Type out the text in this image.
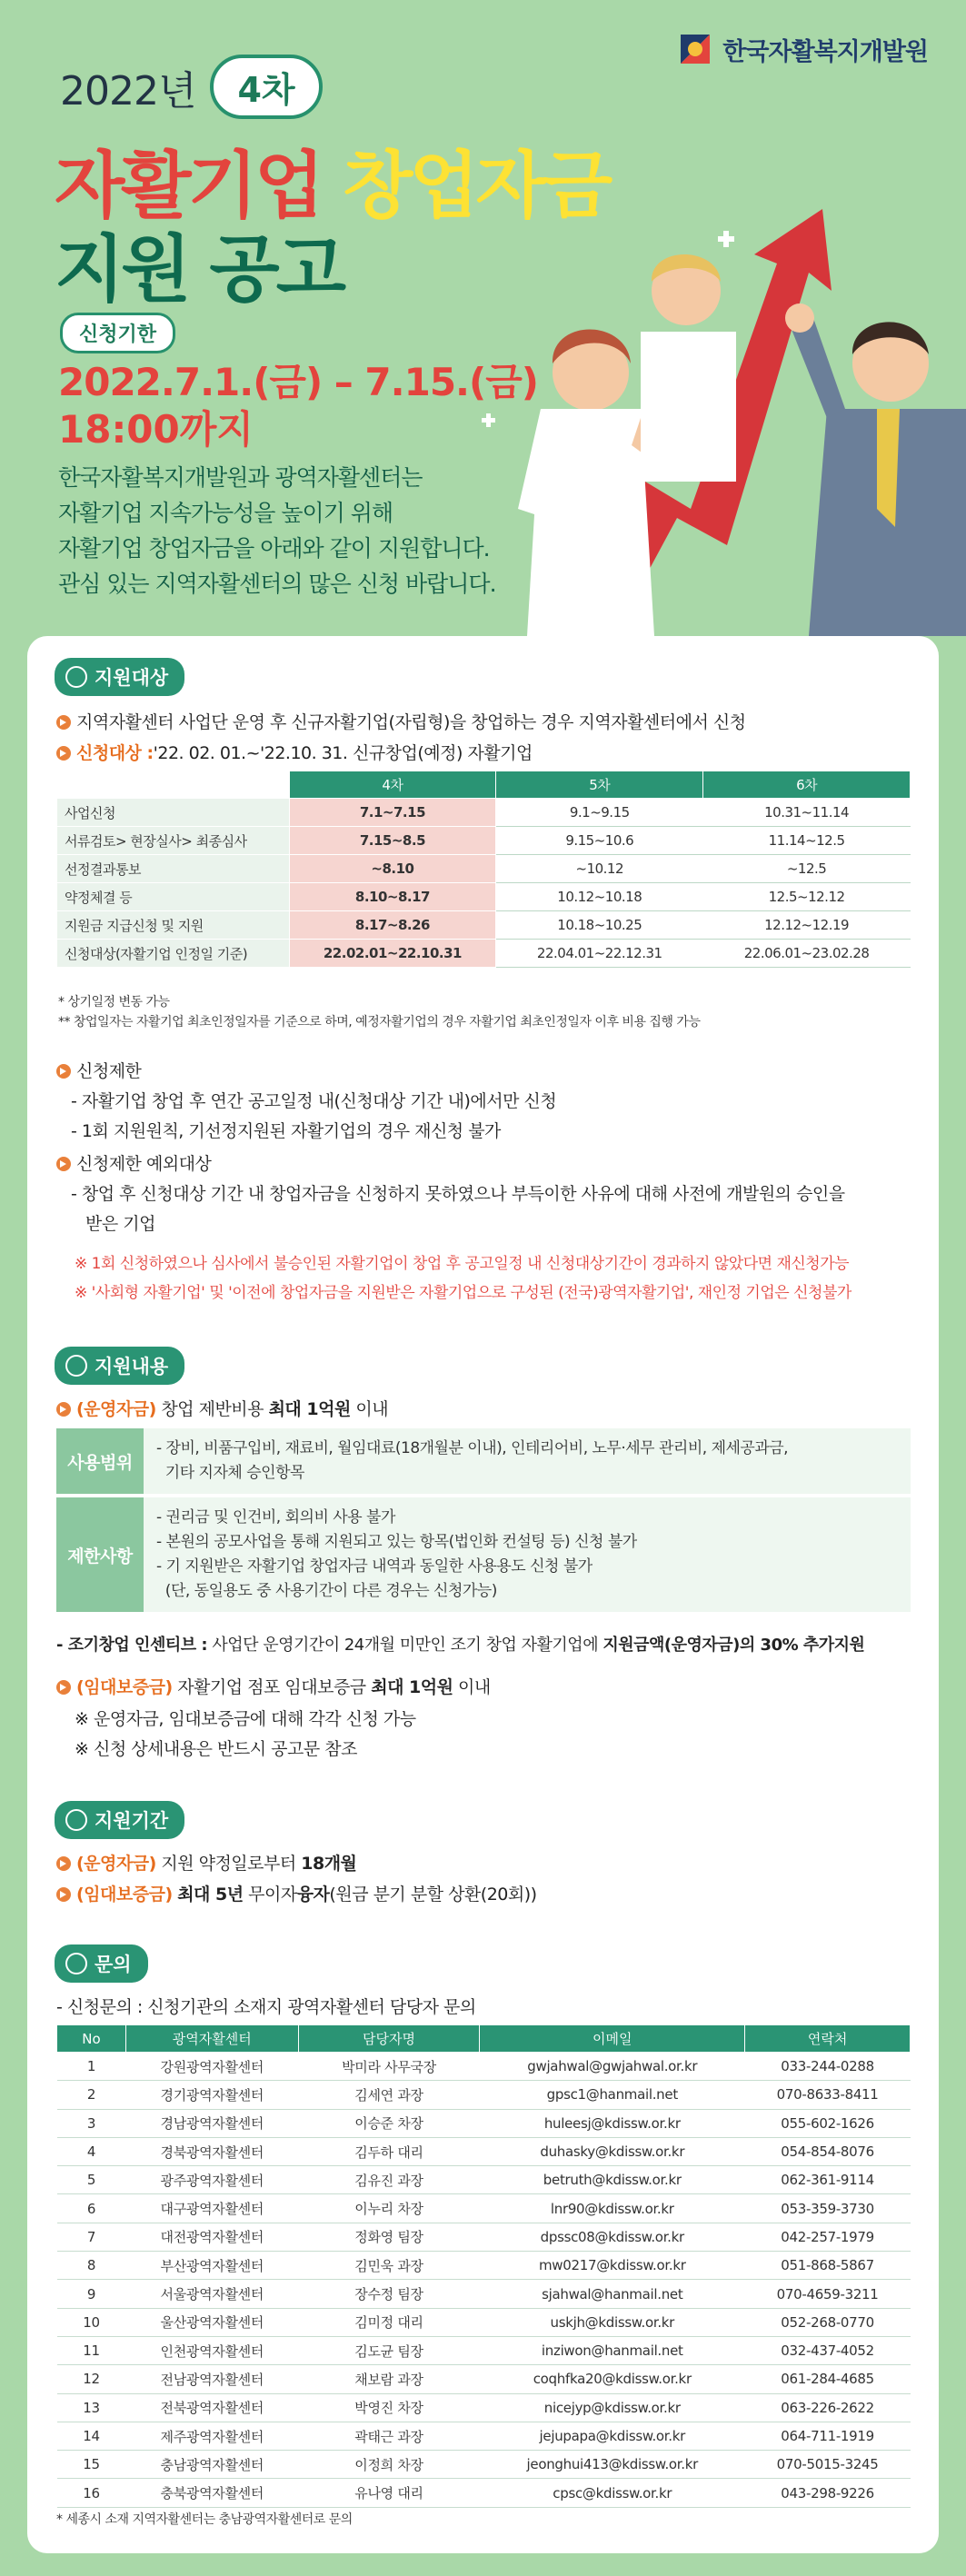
한국자활복지개발원
2022년	4차
자활기업 창업자금
지원 공고
신청기한
2022.7.1.(금) – 7.15.(금)
18:00까지
한국자활복지개발원과 광역자활센터는
자활기업 지속가능성을 높이기 위해
자활기업 창업자금을 아래와 같이 지원합니다.
관심 있는 지역자활센터의 많은 신청 바랍니다.
지원대상
지역자활센터 사업단 운영 후 신규자활기업(자립형)을 창업하는 경우 지역자활센터에서 신청
신청대상 :'22. 02. 01.~'22.10. 31. 신규창업(예정) 자활기업
	4차	5차	6차
사업신청	7.1~7.15	9.1~9.15	10.31~11.14
서류검토> 현장실사> 최종심사	7.15~8.5	9.15~10.6	11.14~12.5
선정결과통보	~8.10	~10.12	~12.5
약정체결 등	8.10~8.17	10.12~10.18	12.5~12.12
지원금 지급신청 및 지원	8.17~8.26	10.18~10.25	12.12~12.19
신청대상(자활기업 인정일 기준)	22.02.01~22.10.31	22.04.01~22.12.31	22.06.01~23.02.28
* 상기일정 변동 가능
** 창업일자는 자활기업 최초인정일자를 기준으로 하며, 예정자활기업의 경우 자활기업 최초인정일자 이후 비용 집행 가능
신청제한
- 자활기업 창업 후 연간 공고일정 내(신청대상 기간 내)에서만 신청
- 1회 지원원칙, 기선정지원된 자활기업의 경우 재신청 불가
신청제한 예외대상
- 창업 후 신청대상 기간 내 창업자금을 신청하지 못하였으나 부득이한 사유에 대해 사전에 개발원의 승인을
받은 기업
※ 1회 신청하였으나 심사에서 불승인된 자활기업이 창업 후 공고일정 내 신청대상기간이 경과하지 않았다면 재신청가능
※ '사회형 자활기업' 및 '이전에 창업자금을 지원받은 자활기업으로 구성된 (전국)광역자활기업', 재인정 기업은 신청불가
지원내용
(운영자금) 창업 제반비용 최대 1억원 이내
사용범위	- 장비, 비품구입비, 재료비, 월임대료(18개월분 이내), 인테리어비, 노무·세무 관리비, 제세공과금,
기타 지자체 승인항목

제한사항	- 권리금 및 인건비, 회의비 사용 불가
- 본원의 공모사업을 통해 지원되고 있는 항목(법인화 컨설팅 등) 신청 불가
- 기 지원받은 자활기업 창업자금 내역과 동일한 사용용도 신청 불가
(단, 동일용도 중 사용기간이 다른 경우는 신청가능)
- 조기창업 인센티브 : 사업단 운영기간이 24개월 미만인 조기 창업 자활기업에 지원금액(운영자금)의 30% 추가지원
(임대보증금) 자활기업 점포 임대보증금 최대 1억원 이내
※ 운영자금, 임대보증금에 대해 각각 신청 가능
※ 신청 상세내용은 반드시 공고문 참조
지원기간
(운영자금) 지원 약정일로부터 18개월
(임대보증금) 최대 5년 무이자융자(원금 분기 분할 상환(20회))
문의
- 신청문의 : 신청기관의 소재지 광역자활센터 담당자 문의
No	광역자활센터	담당자명	이메일	연락처
1	강원광역자활센터	박미라 사무국장	gwjahwal@gwjahwal.or.kr	033-244-0288
2	경기광역자활센터	김세연 과장	gpsc1@hanmail.net	070-8633-8411
3	경남광역자활센터	이승준 차장	huleesj@kdissw.or.kr	055-602-1626
4	경북광역자활센터	김두하 대리	duhasky@kdissw.or.kr	054-854-8076
5	광주광역자활센터	김유진 과장	betruth@kdissw.or.kr	062-361-9114
6	대구광역자활센터	이누리 차장	lnr90@kdissw.or.kr	053-359-3730
7	대전광역자활센터	정화영 팀장	dpssc08@kdissw.or.kr	042-257-1979
8	부산광역자활센터	김민욱 과장	mw0217@kdissw.or.kr	051-868-5867
9	서울광역자활센터	장수정 팀장	sjahwal@hanmail.net	070-4659-3211
10	울산광역자활센터	김미정 대리	uskjh@kdissw.or.kr	052-268-0770
11	인천광역자활센터	김도균 팀장	inziwon@hanmail.net	032-437-4052
12	전남광역자활센터	채보람 과장	coqhfka20@kdissw.or.kr	061-284-4685
13	전북광역자활센터	박영진 차장	nicejyp@kdissw.or.kr	063-226-2622
14	제주광역자활센터	곽태근 과장	jejupapa@kdissw.or.kr	064-711-1919
15	충남광역자활센터	이정희 차장	jeonghui413@kdissw.or.kr	070-5015-3245
16	충북광역자활센터	유나영 대리	cpsc@kdissw.or.kr	043-298-9226
* 세종시 소재 지역자활센터는 충남광역자활센터로 문의
